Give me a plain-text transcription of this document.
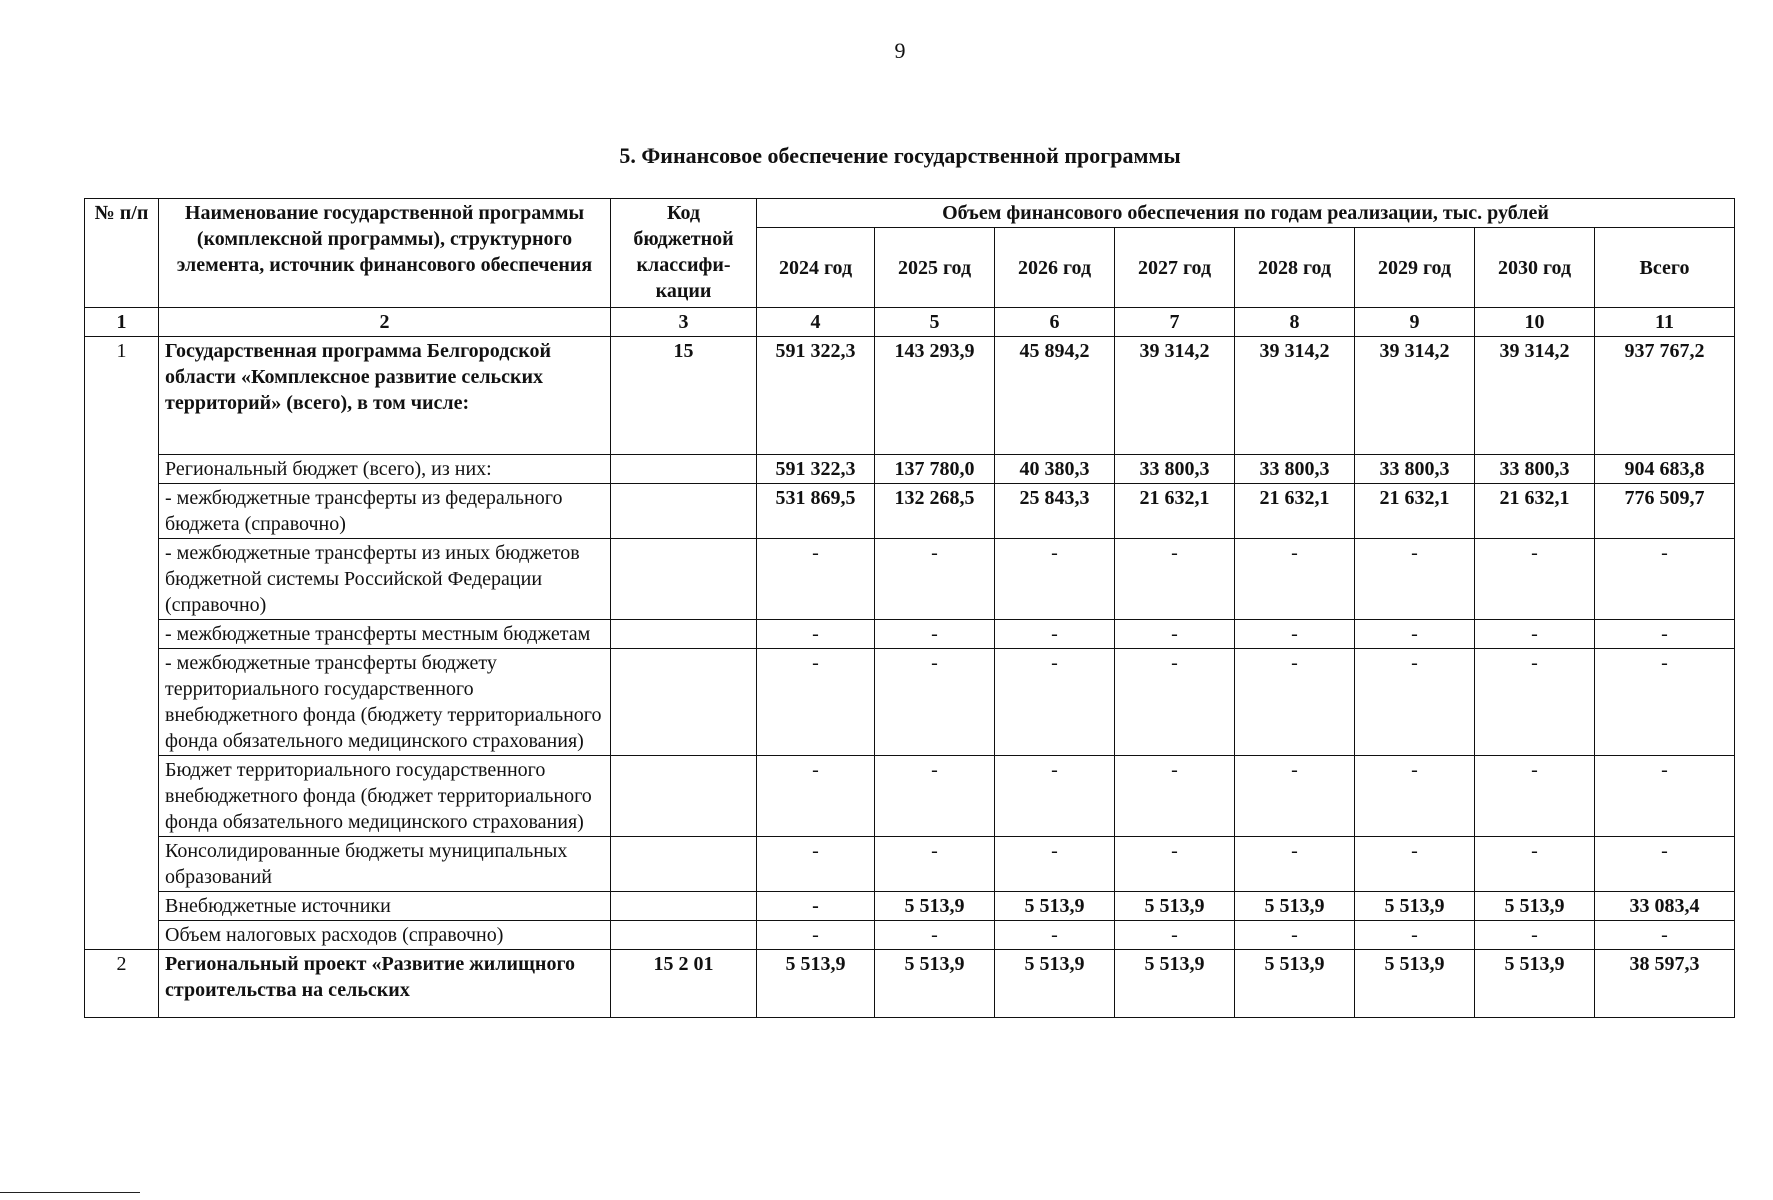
9
5. Финансовое обеспечение государственной программы
№ п/п	Наименование государственной программы (комплексной программы), структурного элемента, источник финансового обеспечения	Код бюджетной классифи-кации	Объем финансового обеспечения по годам реализации, тыс. рублей							
			2024 год	2025 год	2026 год	2027 год	2028 год	2029 год	2030 год	Всего
1	2	3	4	5	6	7	8	9	10	11
1	Государственная программа Белгородской области «Комплексное развитие сельских территорий» (всего), в том числе:	15	591 322,3	143 293,9	45 894,2	39 314,2	39 314,2	39 314,2	39 314,2	937 767,2
	Региональный бюджет (всего), из них:		591 322,3	137 780,0	40 380,3	33 800,3	33 800,3	33 800,3	33 800,3	904 683,8
	- межбюджетные трансферты из федерального бюджета (справочно)		531 869,5	132 268,5	25 843,3	21 632,1	21 632,1	21 632,1	21 632,1	776 509,7
	- межбюджетные трансферты из иных бюджетов бюджетной системы Российской Федерации (справочно)		-	-	-	-	-	-	-	-
	- межбюджетные трансферты местным бюджетам		-	-	-	-	-	-	-	-
	- межбюджетные трансферты бюджету территориального государственного внебюджетного фонда (бюджету территориального фонда обязательного медицинского страхования)		-	-	-	-	-	-	-	-
	Бюджет территориального государственного внебюджетного фонда (бюджет территориального фонда обязательного медицинского страхования)		-	-	-	-	-	-	-	-
	Консолидированные бюджеты муниципальных образований		-	-	-	-	-	-	-	-
	Внебюджетные источники		-	5 513,9	5 513,9	5 513,9	5 513,9	5 513,9	5 513,9	33 083,4
	Объем налоговых расходов (справочно)		-	-	-	-	-	-	-	-
2	Региональный проект «Развитие жилищного строительства на сельских	15 2 01	5 513,9	5 513,9	5 513,9	5 513,9	5 513,9	5 513,9	5 513,9	38 597,3
